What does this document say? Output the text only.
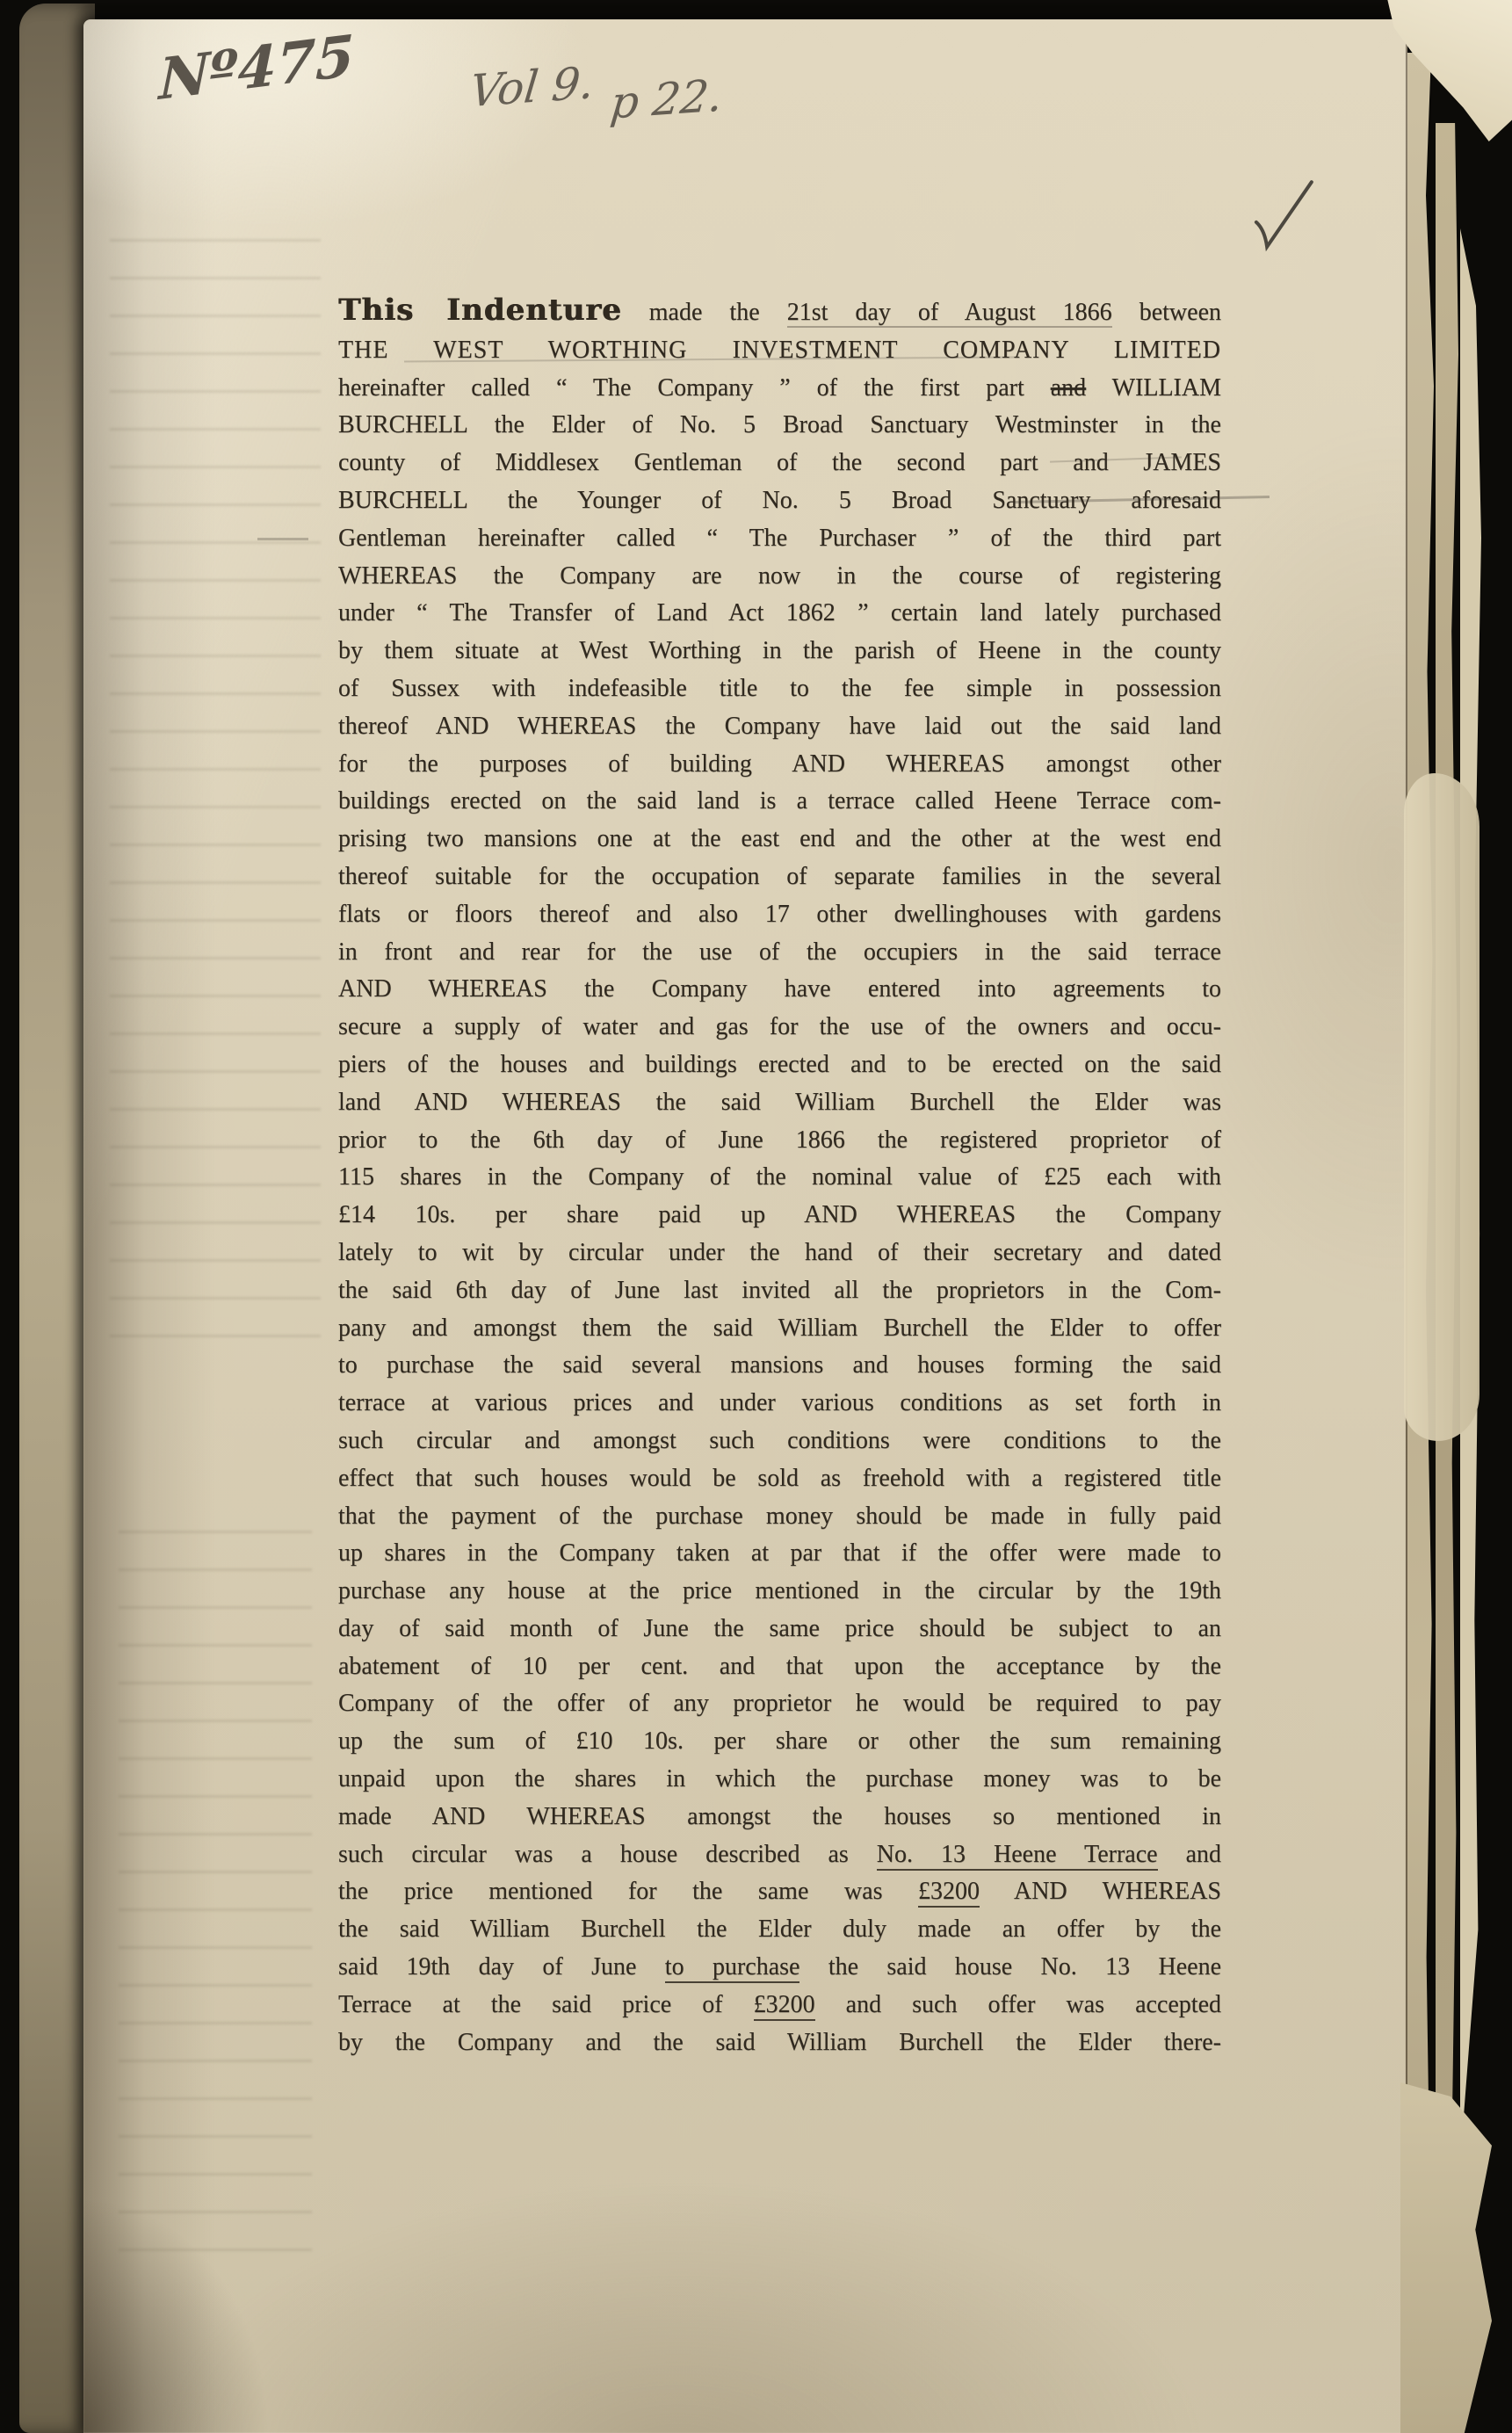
Nº475	Vol 9. p 22.
This Indenture made the 21st day of August 1866 between
THE WEST WORTHING INVESTMENT COMPANY LIMITED
hereinafter called “ The Company ” of the first part and WILLIAM
BURCHELL the Elder of No. 5 Broad Sanctuary Westminster in the
county of Middlesex Gentleman of the second part and JAMES
BURCHELL the Younger of No. 5 Broad Sanctuary aforesaid
Gentleman hereinafter called “ The Purchaser ” of the third part
WHEREAS the Company are now in the course of registering
under “ The Transfer of Land Act 1862 ” certain land lately purchased
by them situate at West Worthing in the parish of Heene in the county
of Sussex with indefeasible title to the fee simple in possession
thereof AND WHEREAS the Company have laid out the said land
for the purposes of building AND WHEREAS amongst other
buildings erected on the said land is a terrace called Heene Terrace com-
prising two mansions one at the east end and the other at the west end
thereof suitable for the occupation of separate families in the several
flats or floors thereof and also 17 other dwellinghouses with gardens
in front and rear for the use of the occupiers in the said terrace
AND WHEREAS the Company have entered into agreements to
secure a supply of water and gas for the use of the owners and occu-
piers of the houses and buildings erected and to be erected on the said
land AND WHEREAS the said William Burchell the Elder was
prior to the 6th day of June 1866 the registered proprietor of
115 shares in the Company of the nominal value of £25 each with
£14 10s. per share paid up AND WHEREAS the Company
lately to wit by circular under the hand of their secretary and dated
the said 6th day of June last invited all the proprietors in the Com-
pany and amongst them the said William Burchell the Elder to offer
to purchase the said several mansions and houses forming the said
terrace at various prices and under various conditions as set forth in
such circular and amongst such conditions were conditions to the
effect that such houses would be sold as freehold with a registered title
that the payment of the purchase money should be made in fully paid
up shares in the Company taken at par that if the offer were made to
purchase any house at the price mentioned in the circular by the 19th
day of said month of June the same price should be subject to an
abatement of 10 per cent. and that upon the acceptance by the
Company of the offer of any proprietor he would be required to pay
up the sum of £10 10s. per share or other the sum remaining
unpaid upon the shares in which the purchase money was to be
made AND WHEREAS amongst the houses so mentioned in
such circular was a house described as No. 13 Heene Terrace and
the price mentioned for the same was £3200 AND WHEREAS
the said William Burchell the Elder duly made an offer by the
said 19th day of June to purchase the said house No. 13 Heene
Terrace at the said price of £3200 and such offer was accepted
by the Company and the said William Burchell the Elder there-
